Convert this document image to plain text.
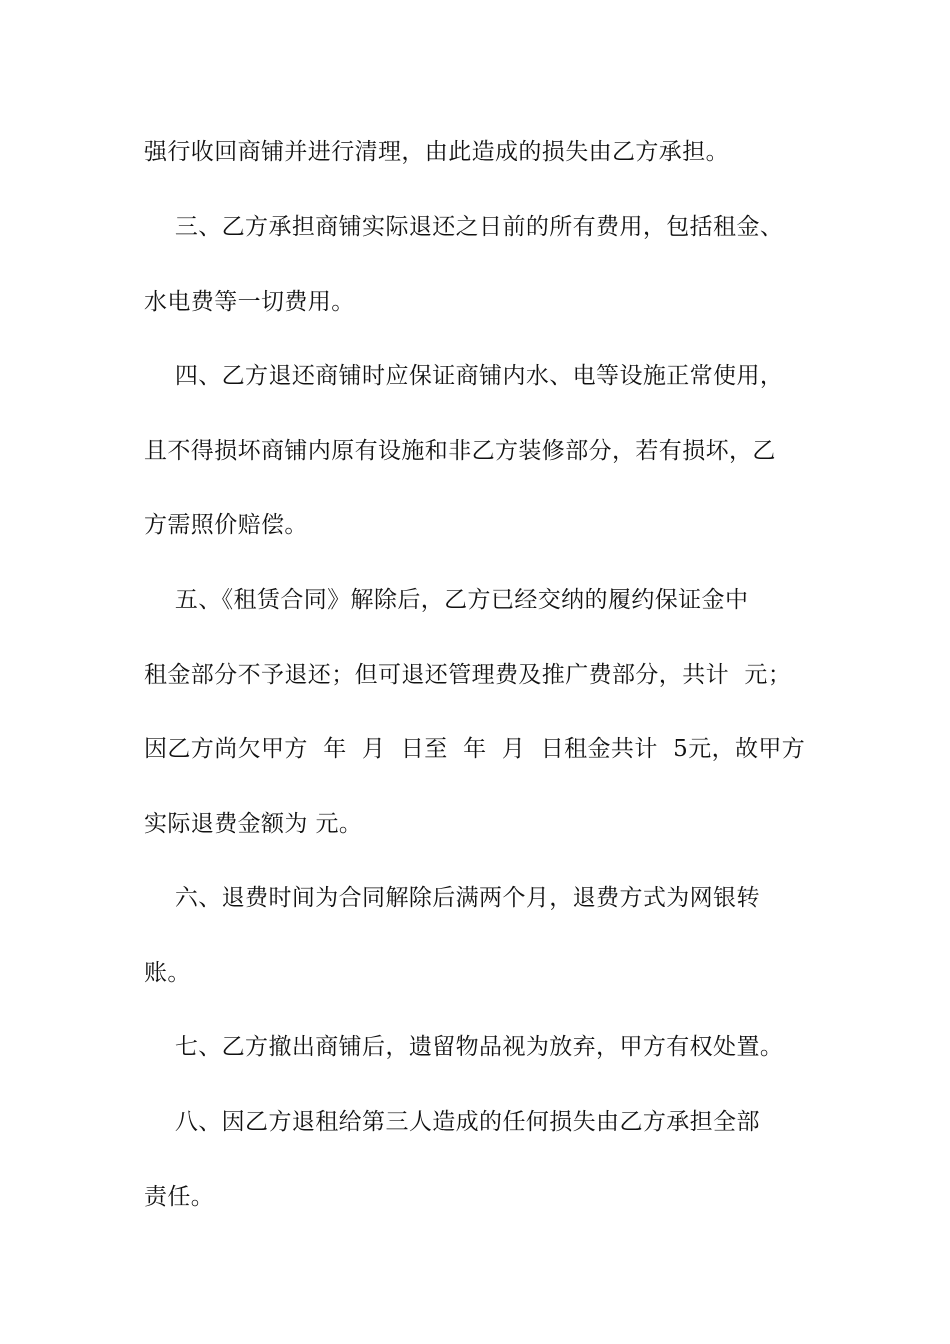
强行收回商铺并进行清理，由此造成的损失由乙方承担。
三、乙方承担商铺实际退还之日前的所有费用，包括租金、
水电费等一切费用。
四、乙方退还商铺时应保证商铺内水、电等设施正常使用，
且不得损坏商铺内原有设施和非乙方装修部分，若有损坏，乙
方需照价赔偿。
五、《租赁合同》解除后，乙方已经交纳的履约保证金中
租金部分不予退还；但可退还管理费及推广费部分，共计  元；
因乙方尚欠甲方  年  月  日至  年  月  日租金共计  5元，故甲方
实际退费金额为 元。
六、退费时间为合同解除后满两个月，退费方式为网银转
账。
七、乙方撤出商铺后，遗留物品视为放弃，甲方有权处置。
八、因乙方退租给第三人造成的任何损失由乙方承担全部
责任。
